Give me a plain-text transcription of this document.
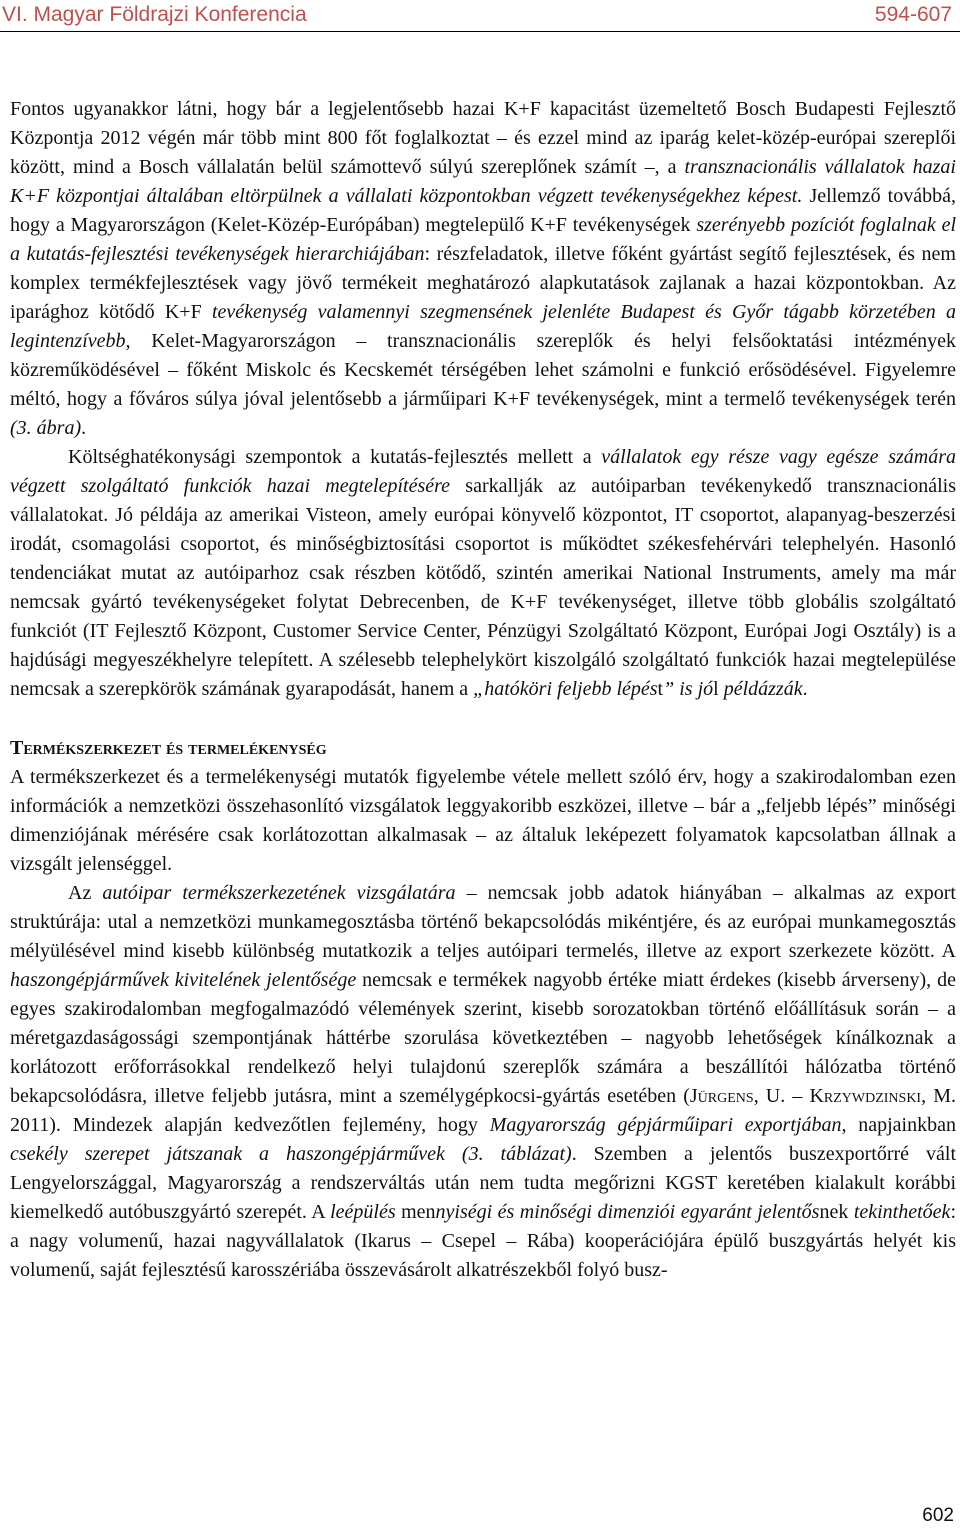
VI. Magyar Földrajzi Konferencia	594-607

Fontos ugyanakkor látni, hogy bár a legjelentősebb hazai K+F kapacitást üzemeltető Bosch Budapesti Fejlesztő Központja 2012 végén már több mint 800 főt foglalkoztat – és ezzel mind az iparág kelet-közép-európai szereplői között, mind a Bosch vállalatán belül számottevő súlyú szereplőnek számít –, a transznacionális vállalatok hazai K+F központjai általában eltörpülnek a vállalati központokban végzett tevékenységekhez képest. Jellemző továbbá, hogy a Magyarországon (Kelet-Közép-Európában) megtelepülő K+F tevékenységek szerényebb pozíciót foglalnak el a kutatás-fejlesztési tevékenységek hierarchiájában: részfeladatok, illetve főként gyártást segítő fejlesztések, és nem komplex termékfejlesztések vagy jövő termékeit meghatározó alapkutatások zajlanak a hazai központokban. Az iparághoz kötődő K+F tevékenység valamennyi szegmensének jelenléte Budapest és Győr tágabb körzetében a legintenzívebb, Kelet-Magyarországon – transznacionális szereplők és helyi felsőoktatási intézmények közreműködésével – főként Miskolc és Kecskemét térségében lehet számolni e funkció erősödésével. Figyelemre méltó, hogy a főváros súlya jóval jelentősebb a járműipari K+F tevékenységek, mint a termelő tevékenységek terén (3. ábra).

Költséghatékonysági szempontok a kutatás-fejlesztés mellett a vállalatok egy része vagy egésze számára végzett szolgáltató funkciók hazai megtelepítésére sarkallják az autóiparban tevékenykedő transznacionális vállalatokat. Jó példája az amerikai Visteon, amely európai könyvelő központot, IT csoportot, alapanyag-beszerzési irodát, csomagolási csoportot, és minőségbiztosítási csoportot is működtet székesfehérvári telephelyén. Hasonló tendenciákat mutat az autóiparhoz csak részben kötődő, szintén amerikai National Instruments, amely ma már nemcsak gyártó tevékenységeket folytat Debrecenben, de K+F tevékenységet, illetve több globális szolgáltató funkciót (IT Fejlesztő Központ, Customer Service Center, Pénzügyi Szolgáltató Központ, Európai Jogi Osztály) is a hajdúsági megyeszékhelyre telepített. A szélesebb telephelykört kiszolgáló szolgáltató funkciók hazai megtelepülése nemcsak a szerepkörök számának gyarapodását, hanem a „hatóköri feljebb lépést” is jól példázzák.

Termékszerkezet és termelékenység

A termékszerkezet és a termelékenységi mutatók figyelembe vétele mellett szóló érv, hogy a szakirodalomban ezen információk a nemzetközi összehasonlító vizsgálatok leggyakoribb eszközei, illetve – bár a „feljebb lépés” minőségi dimenziójának mérésére csak korlátozottan alkalmasak – az általuk leképezett folyamatok kapcsolatban állnak a vizsgált jelenséggel.

Az autóipar termékszerkezetének vizsgálatára – nemcsak jobb adatok hiányában – alkalmas az export struktúrája: utal a nemzetközi munkamegosztásba történő bekapcsolódás mikéntjére, és az európai munkamegosztás mélyülésével mind kisebb különbség mutatkozik a teljes autóipari termelés, illetve az export szerkezete között. A haszongépjárművek kivitelének jelentősége nemcsak e termékek nagyobb értéke miatt érdekes (kisebb árverseny), de egyes szakirodalomban megfogalmazódó vélemények szerint, kisebb sorozatokban történő előállításuk során – a méretgazdaságossági szempontjának háttérbe szorulása következtében – nagyobb lehetőségek kínálkoznak a korlátozott erőforrásokkal rendelkező helyi tulajdonú szereplők számára a beszállítói hálózatba történő bekapcsolódásra, illetve feljebb jutásra, mint a személygépkocsi-gyártás esetében (Jürgens, U. – Krzywdzinski, M. 2011). Mindezek alapján kedvezőtlen fejlemény, hogy Magyarország gépjárműipari exportjában, napjainkban csekély szerepet játszanak a haszongépjárművek (3. táblázat). Szemben a jelentős buszexportőrré vált Lengyelországgal, Magyarország a rendszerváltás után nem tudta megőrizni KGST keretében kialakult korábbi kiemelkedő autóbuszgyártó szerepét. A leépülés mennyiségi és minőségi dimenziói egyaránt jelentősnek tekinthetőek: a nagy volumenű, hazai nagyvállalatok (Ikarus – Csepel – Rába) kooperációjára épülő buszgyártás helyét kis volumenű, saját fejlesztésű karosszériába összevásárolt alkatrészekből folyó busz-

602
